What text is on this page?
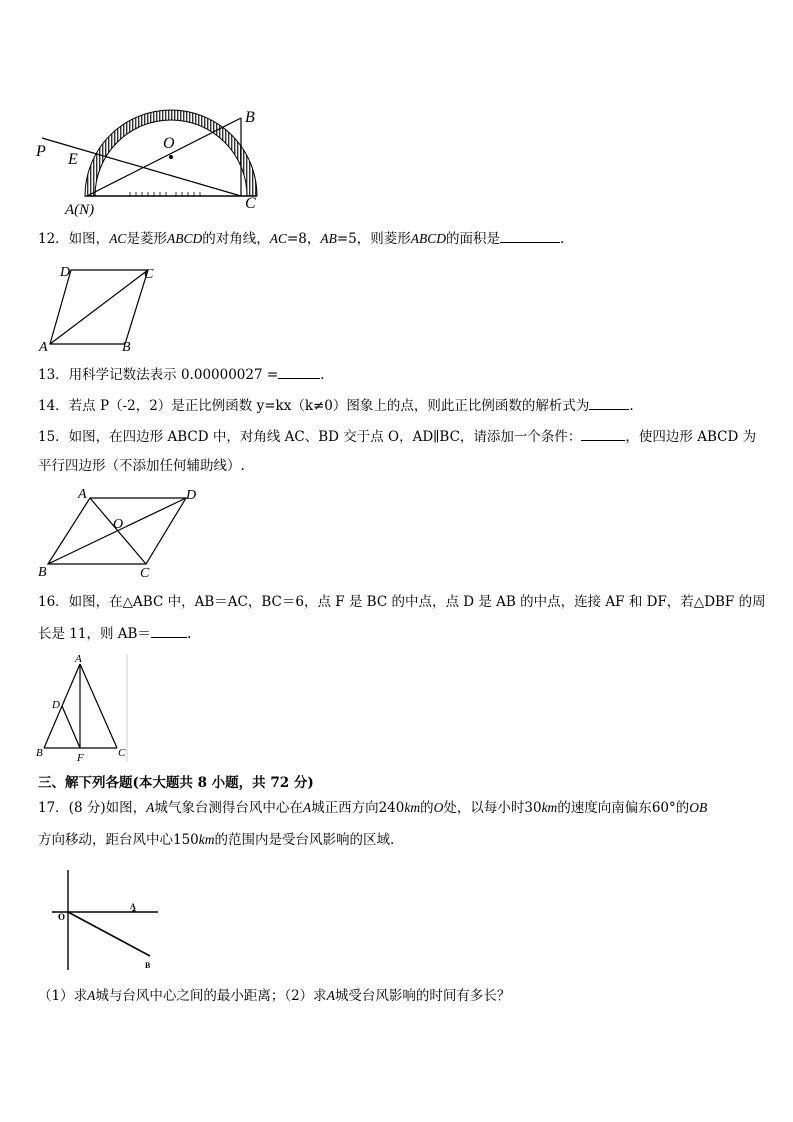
P E
O
B
C
A(N)
12．如图，AC是菱形ABCD的对角线，AC=8，AB=5，则菱形ABCD的面积是	.
D	C
A	B
13．用科学记数法表示 0.00000027 =	.
14．若点 P（-2，2）是正比例函数 y=kx（k≠0）图象上的点，则此正比例函数的解析式为	.
15．如图，在四边形 ABCD 中，对角线 AC、BD 交于点 O，AD∥BC，请添加一个条件：	，使四边形 ABCD 为
平行四边形（不添加任何辅助线）.
A	D
O
B	C
16．如图，在△ABC 中，AB＝AC，BC＝6，点 F 是 BC 的中点，点 D 是 AB 的中点，连接 AF 和 DF，若△DBF 的周
长是 11，则 AB＝	.
A
D
B	F	C
三、解下列各题(本大题共 8 小题，共 72 分)
17．(8 分)如图，A城气象台测得台风中心在A城正西方向240km的O处，以每小时30km的速度向南偏东60°的OB
方向移动，距台风中心150km的范围内是受台风影响的区域.
O
A
B
（1）求A城与台风中心之间的最小距离；（2）求A城受台风影响的时间有多长？
